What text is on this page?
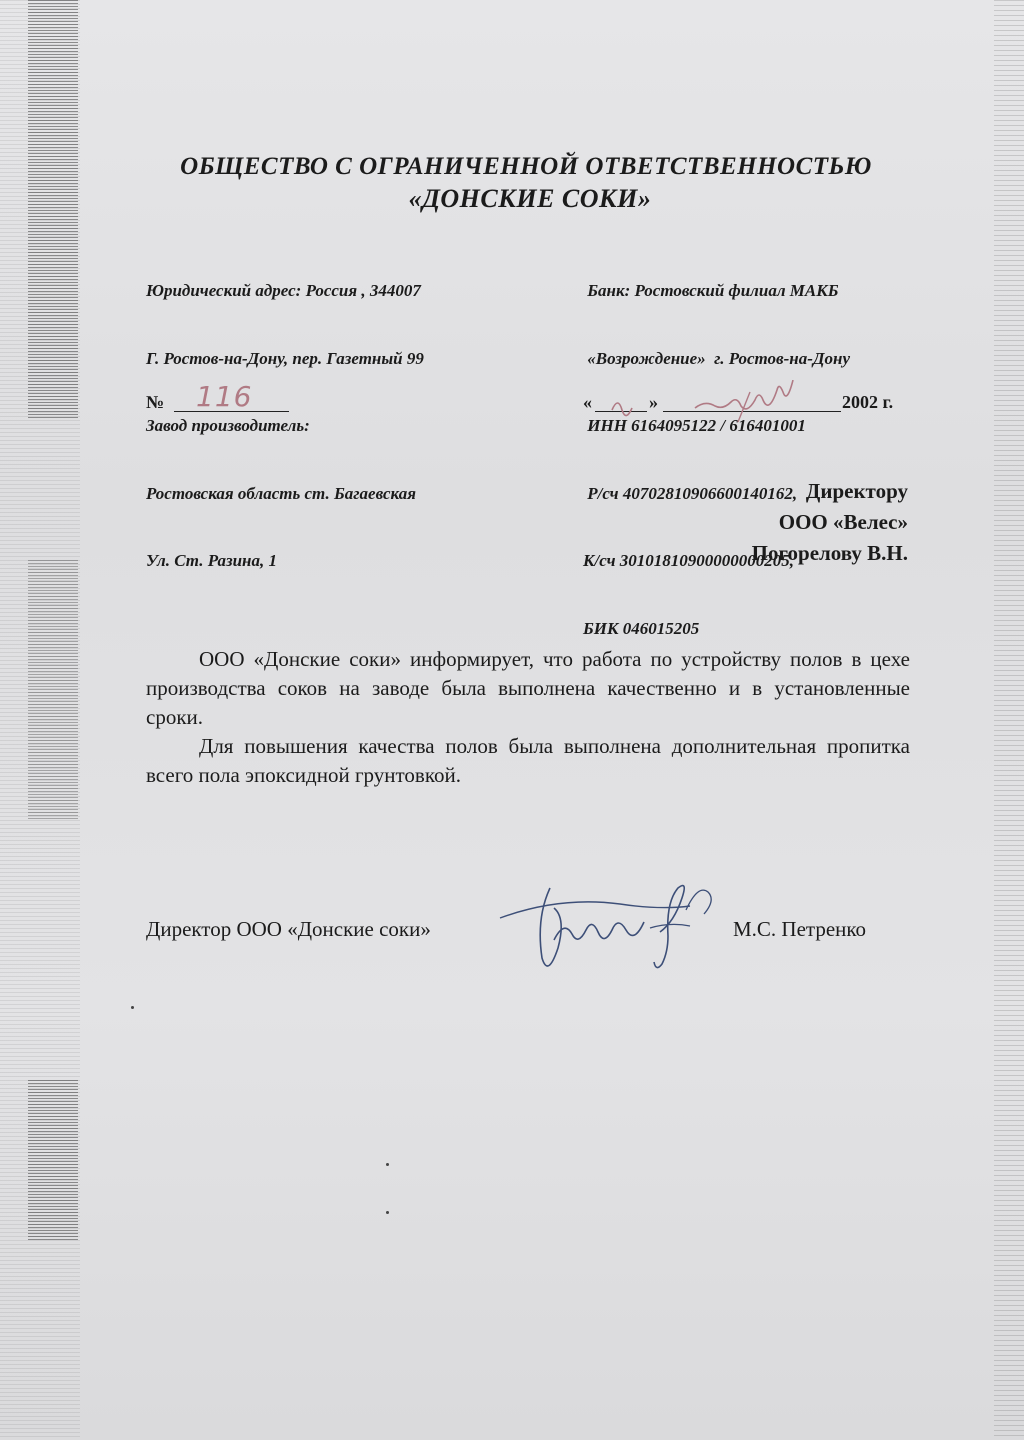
ОБЩЕСТВО С ОГРАНИЧЕННОЙ ОТВЕТСТВЕННОСТЬЮ
«ДОНСКИЕ СОКИ»

Юридический адрес: Россия , 344007

Г. Ростов-на-Дону, пер. Газетный 99

Завод производитель:

Ростовская область ст. Багаевская

Ул. Ст. Разина, 1

Банк: Ростовский филиал МАКБ

«Возрождение»  г. Ростов-на-Дону

ИНН 6164095122 / 616401001

Р/сч 40702810906600140162,

К/сч 30101810900000000205,

БИК 046015205

№ 116	«	»	2002 г.
Директору
ООО «Велес»
Погорелову В.Н.

ООО «Донские соки» информирует, что работа по устройству полов в цехе производства соков на заводе была выполнена качественно и в установленные сроки.

Для повышения качества полов была выполнена дополнительная пропитка всего пола эпоксидной грунтовкой.

Директор ООО «Донские соки»	М.С. Петренко
